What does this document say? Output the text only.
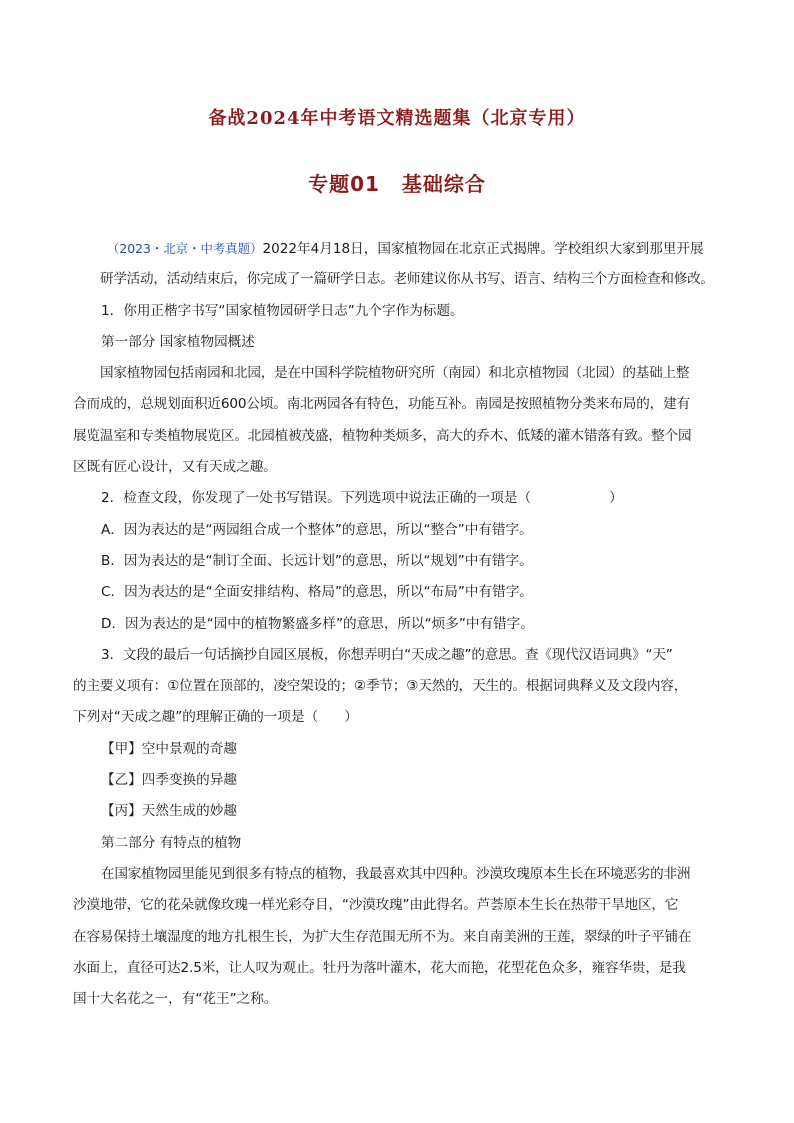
备战2024年中考语文精选题集（北京专用）
专题01 基础综合
（2023・北京・中考真题）2022年4月18日，国家植物园在北京正式揭牌。学校组织大家到那里开展
研学活动，活动结束后，你完成了一篇研学日志。老师建议你从书写、语言、结构三个方面检查和修改。
1．你用正楷字书写“国家植物园研学日志”九个字作为标题。
第一部分 国家植物园概述
国家植物园包括南园和北园，是在中国科学院植物研究所（南园）和北京植物园（北园）的基础上整
合而成的，总规划面积近600公顷。南北两园各有特色，功能互补。南园是按照植物分类来布局的，建有
展览温室和专类植物展览区。北园植被茂盛，植物种类烦多，高大的乔木、低矮的灌木错落有致。整个园
区既有匠心设计，又有天成之趣。
2．检查文段，你发现了一处书写错误。下列选项中说法正确的一项是（	）
A．因为表达的是“两园组合成一个整体”的意思，所以“整合”中有错字。
B．因为表达的是“制订全面、长远计划”的意思，所以“规划”中有错字。
C．因为表达的是“全面安排结构、格局”的意思，所以“布局”中有错字。
D．因为表达的是“园中的植物繁盛多样”的意思，所以“烦多”中有错字。
3．文段的最后一句话摘抄自园区展板，你想弄明白“天成之趣”的意思。查《现代汉语词典》“天”
的主要义项有：①位置在顶部的，凌空架设的；②季节；③天然的，天生的。根据词典释义及文段内容，
下列对“天成之趣”的理解正确的一项是（ ）
【甲】空中景观的奇趣
【乙】四季变换的异趣
【丙】天然生成的妙趣
第二部分 有特点的植物
在国家植物园里能见到很多有特点的植物，我最喜欢其中四种。沙漠玫瑰原本生长在环境恶劣的非洲
沙漠地带，它的花朵就像玫瑰一样光彩夺目，“沙漠玫瑰”由此得名。芦荟原本生长在热带干旱地区，它
在容易保持土壤湿度的地方扎根生长，为扩大生存范围无所不为。来自南美洲的王莲，翠绿的叶子平铺在
水面上，直径可达2.5米，让人叹为观止。牡丹为落叶灌木，花大而艳，花型花色众多，雍容华贵，是我
国十大名花之一，有“花王”之称。
